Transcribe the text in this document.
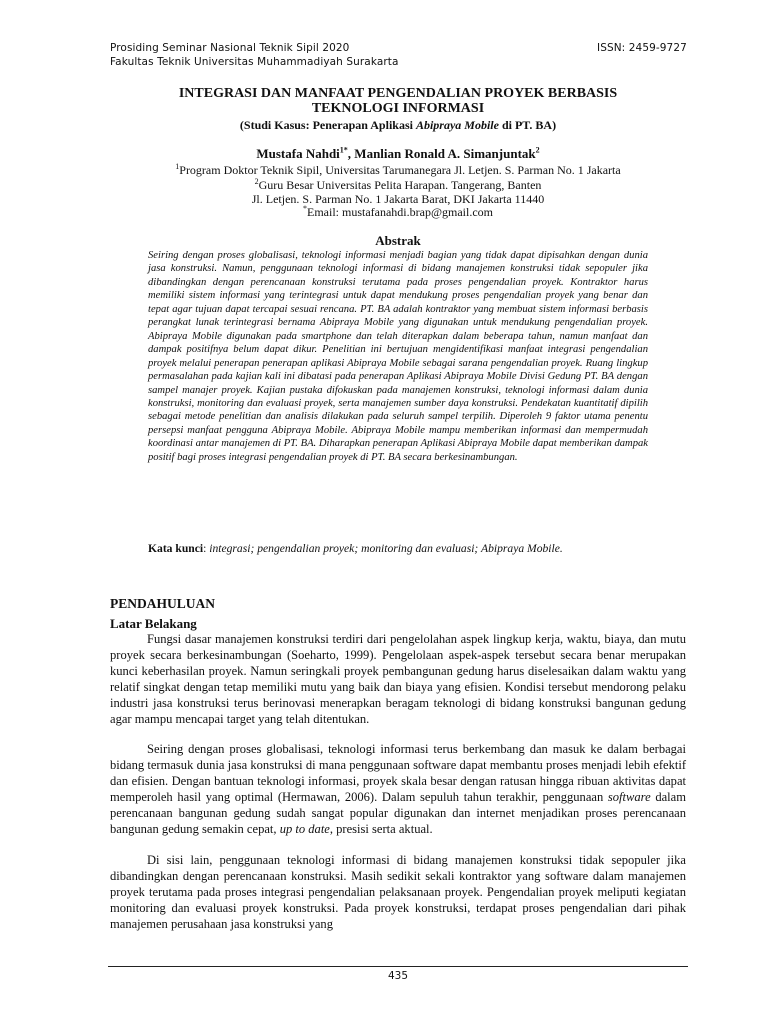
Prosiding Seminar Nasional Teknik Sipil 2020
Fakultas Teknik Universitas Muhammadiyah Surakarta
ISSN: 2459-9727
INTEGRASI DAN MANFAAT PENGENDALIAN PROYEK BERBASIS
TEKNOLOGI INFORMASI
(Studi Kasus: Penerapan Aplikasi Abipraya Mobile di PT. BA)
Mustafa Nahdi$^{1*}$, Manlian Ronald A. Simanjuntak$^2$
$^1$Program Doktor Teknik Sipil, Universitas Tarumanegara Jl. Letjen. S. Parman No. 1 Jakarta
$^2$Guru Besar Universitas Pelita Harapan. Tangerang, Banten
Jl. Letjen. S. Parman No. 1 Jakarta Barat, DKI Jakarta 11440
*Email: mustafanahdi.brap@gmail.com
Abstrak
Seiring dengan proses globalisasi, teknologi informasi menjadi bagian yang tidak dapat dipisahkan dengan dunia jasa konstruksi. Namun, penggunaan teknologi informasi di bidang manajemen konstruksi tidak sepopuler jika dibandingkan dengan perencanaan konstruksi terutama pada proses pengendalian proyek. Kontraktor harus memiliki sistem informasi yang terintegrasi untuk dapat mendukung proses pengendalian proyek yang benar dan tepat agar tujuan dapat tercapai sesuai rencana. PT. BA adalah kontraktor yang membuat sistem informasi berbasis perangkat lunak terintegrasi bernama Abipraya Mobile yang digunakan untuk mendukung pengendalian proyek. Abipraya Mobile digunakan pada smartphone dan telah diterapkan dalam beberapa tahun, namun manfaat dan dampak positifnya belum dapat dikur. Penelitian ini bertujuan mengidentifikasi manfaat integrasi pengendalian proyek melalui penerapan penerapan aplikasi Abipraya Mobile sebagai sarana pengendalian proyek. Ruang lingkup permasalahan pada kajian kali ini dibatasi pada penerapan Aplikasi Abipraya Mobile Divisi Gedung PT. BA dengan sampel manajer proyek. Kajian pustaka difokuskan pada manajemen konstruksi, teknologi informasi dalam dunia konstruksi, monitoring dan evaluasi proyek, serta manajemen sumber daya konstruksi. Pendekatan kuantitatif dipilih sebagai metode penelitian dan analisis dilakukan pada seluruh sampel terpilih. Diperoleh 9 faktor utama penentu persepsi manfaat pengguna Abipraya Mobile. Abipraya Mobile mampu memberikan informasi dan mempermudah koordinasi antar manajemen di PT. BA. Diharapkan penerapan Aplikasi Abipraya Mobile dapat memberikan dampak positif bagi proses integrasi pengendalian proyek di PT. BA secara berkesinambungan.
Kata kunci: integrasi; pengendalian proyek; monitoring dan evaluasi; Abipraya Mobile.
PENDAHULUAN
Latar Belakang
Fungsi dasar manajemen konstruksi terdiri dari pengelolahan aspek lingkup kerja, waktu, biaya, dan mutu proyek secara berkesinambungan (Soeharto, 1999). Pengelolaan aspek-aspek tersebut secara benar merupakan kunci keberhasilan proyek. Namun seringkali proyek pembangunan gedung harus diselesaikan dalam waktu yang relatif singkat dengan tetap memiliki mutu yang baik dan biaya yang efisien. Kondisi tersebut mendorong pelaku industri jasa konstruksi terus berinovasi menerapkan beragam teknologi di bidang konstruksi bangunan gedung agar mampu mencapai target yang telah ditentukan.
Seiring dengan proses globalisasi, teknologi informasi terus berkembang dan masuk ke dalam berbagai bidang termasuk dunia jasa konstruksi di mana penggunaan software dapat membantu proses menjadi lebih efektif dan efisien. Dengan bantuan teknologi informasi, proyek skala besar dengan ratusan hingga ribuan aktivitas dapat memperoleh hasil yang optimal (Hermawan, 2006). Dalam sepuluh tahun terakhir, penggunaan software dalam perencanaan bangunan gedung sudah sangat popular digunakan dan internet menjadikan proses perencanaan bangunan gedung semakin cepat, up to date, presisi serta aktual.
Di sisi lain, penggunaan teknologi informasi di bidang manajemen konstruksi tidak sepopuler jika dibandingkan dengan perencanaan konstruksi. Masih sedikit sekali kontraktor yang software dalam manajemen proyek terutama pada proses integrasi pengendalian pelaksanaan proyek. Pengendalian proyek meliputi kegiatan monitoring dan evaluasi proyek konstruksi. Pada proyek konstruksi, terdapat proses pengendalian dari pihak manajemen perusahaan jasa konstruksi yang
435
